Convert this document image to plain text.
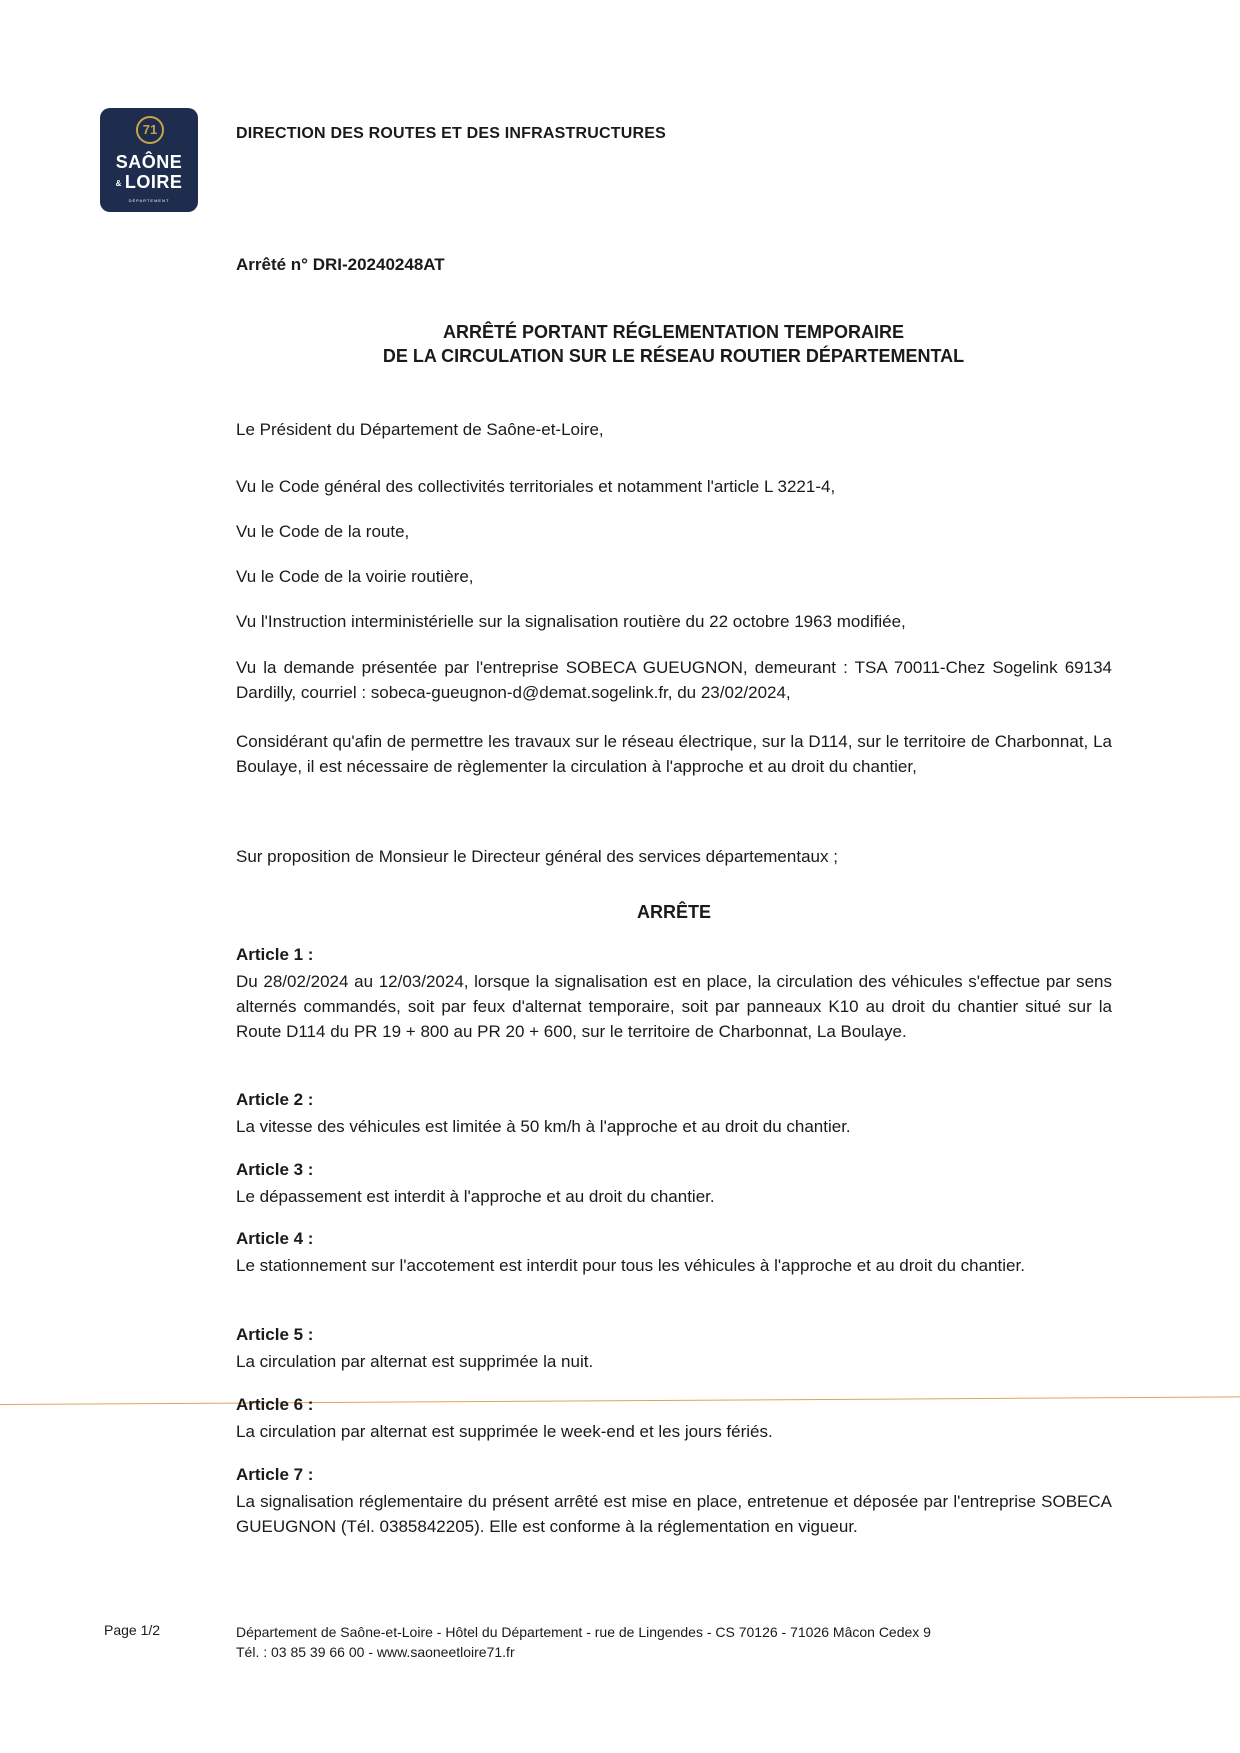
71
SAÔNE
& LOIRE
DÉPARTEMENT
DIRECTION DES ROUTES ET DES INFRASTRUCTURES
Arrêté n° DRI-20240248AT
ARRÊTÉ PORTANT RÉGLEMENTATION TEMPORAIRE
DE LA CIRCULATION SUR LE RÉSEAU ROUTIER DÉPARTEMENTAL
Le Président du Département de Saône-et-Loire,
Vu le Code général des collectivités territoriales et notamment l'article L 3221-4,
Vu le Code de la route,
Vu le Code de la voirie routière,
Vu l'Instruction interministérielle sur la signalisation routière du 22 octobre 1963 modifiée,
Vu la demande présentée par l'entreprise SOBECA GUEUGNON, demeurant : TSA 70011-Chez Sogelink 69134 Dardilly, courriel : sobeca-gueugnon-d@demat.sogelink.fr, du 23/02/2024,
Considérant qu'afin de permettre les travaux sur le réseau électrique, sur la D114, sur le territoire de Charbonnat, La Boulaye, il est nécessaire de règlementer la circulation à l'approche et au droit du chantier,
Sur proposition de Monsieur le Directeur général des services départementaux ;
ARRÊTE
Article 1 :
Du 28/02/2024 au 12/03/2024, lorsque la signalisation est en place, la circulation des véhicules s'effectue par sens alternés commandés, soit par feux d'alternat temporaire, soit par panneaux K10 au droit du chantier situé sur la Route D114 du PR 19 + 800 au PR 20 + 600, sur le territoire de Charbonnat, La Boulaye.
Article 2 :
La vitesse des véhicules est limitée à 50 km/h à l'approche et au droit du chantier.
Article 3 :
Le dépassement est interdit à l'approche et au droit du chantier.
Article 4 :
Le stationnement sur l'accotement est interdit pour tous les véhicules à l'approche et au droit du chantier.
Article 5 :
La circulation par alternat est supprimée la nuit.
Article 6 :
La circulation par alternat est supprimée le week-end et les jours fériés.
Article 7 :
La signalisation réglementaire du présent arrêté est mise en place, entretenue et déposée par l'entreprise SOBECA GUEUGNON (Tél. 0385842205). Elle est conforme à la réglementation en vigueur.
Page 1/2	Département de Saône-et-Loire - Hôtel du Département - rue de Lingendes - CS 70126 - 71026 Mâcon Cedex 9
Tél. : 03 85 39 66 00 - www.saoneetloire71.fr
